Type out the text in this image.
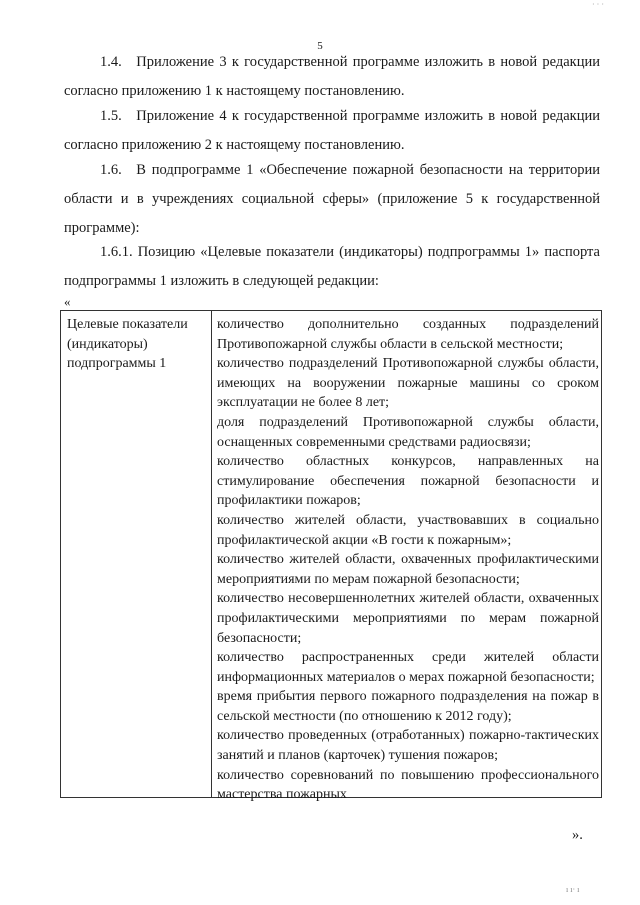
· · ·
5

1.4. Приложение 3 к государственной программе изложить в новой редакции согласно приложению 1 к настоящему постановлению.

1.5. Приложение 4 к государственной программе изложить в новой редакции согласно приложению 2 к настоящему постановлению.

1.6. В подпрограмме 1 «Обеспечение пожарной безопасности на территории области и в учреждениях социальной сферы» (приложение 5 к государственной программе):

1.6.1. Позицию «Целевые показатели (индикаторы) подпрограммы 1» паспорта подпрограммы 1 изложить в следующей редакции:

«
Целевые показатели (индикаторы) подпрограммы 1
количество дополнительно созданных подразделений Противопожарной службы области в сельской местности;
количество подразделений Противопожарной службы области, имеющих на вооружении пожарные машины со сроком эксплуатации не более 8 лет;
доля подразделений Противопожарной службы области, оснащенных современными средствами радиосвязи;
количество областных конкурсов, направленных на стимулирование обеспечения пожарной безопасности и профилактики пожаров;
количество жителей области, участвовавших в социально профилактической акции «В гости к пожарным»;
количество жителей области, охваченных профилактическими мероприятиями по мерам пожарной безопасности;
количество несовершеннолетних жителей области, охваченных профилактическими мероприятиями по мерам пожарной безопасности;
количество распространенных среди жителей области информационных материалов о мерах пожарной безопасности;
время прибытия первого пожарного подразделения на пожар в сельской местности (по отношению к 2012 году);
количество проведенных (отработанных) пожарно-тактических занятий и планов (карточек) тушения пожаров;
количество соревнований по повышению профессионального мастерства пожарных
».
ı ı· ı
